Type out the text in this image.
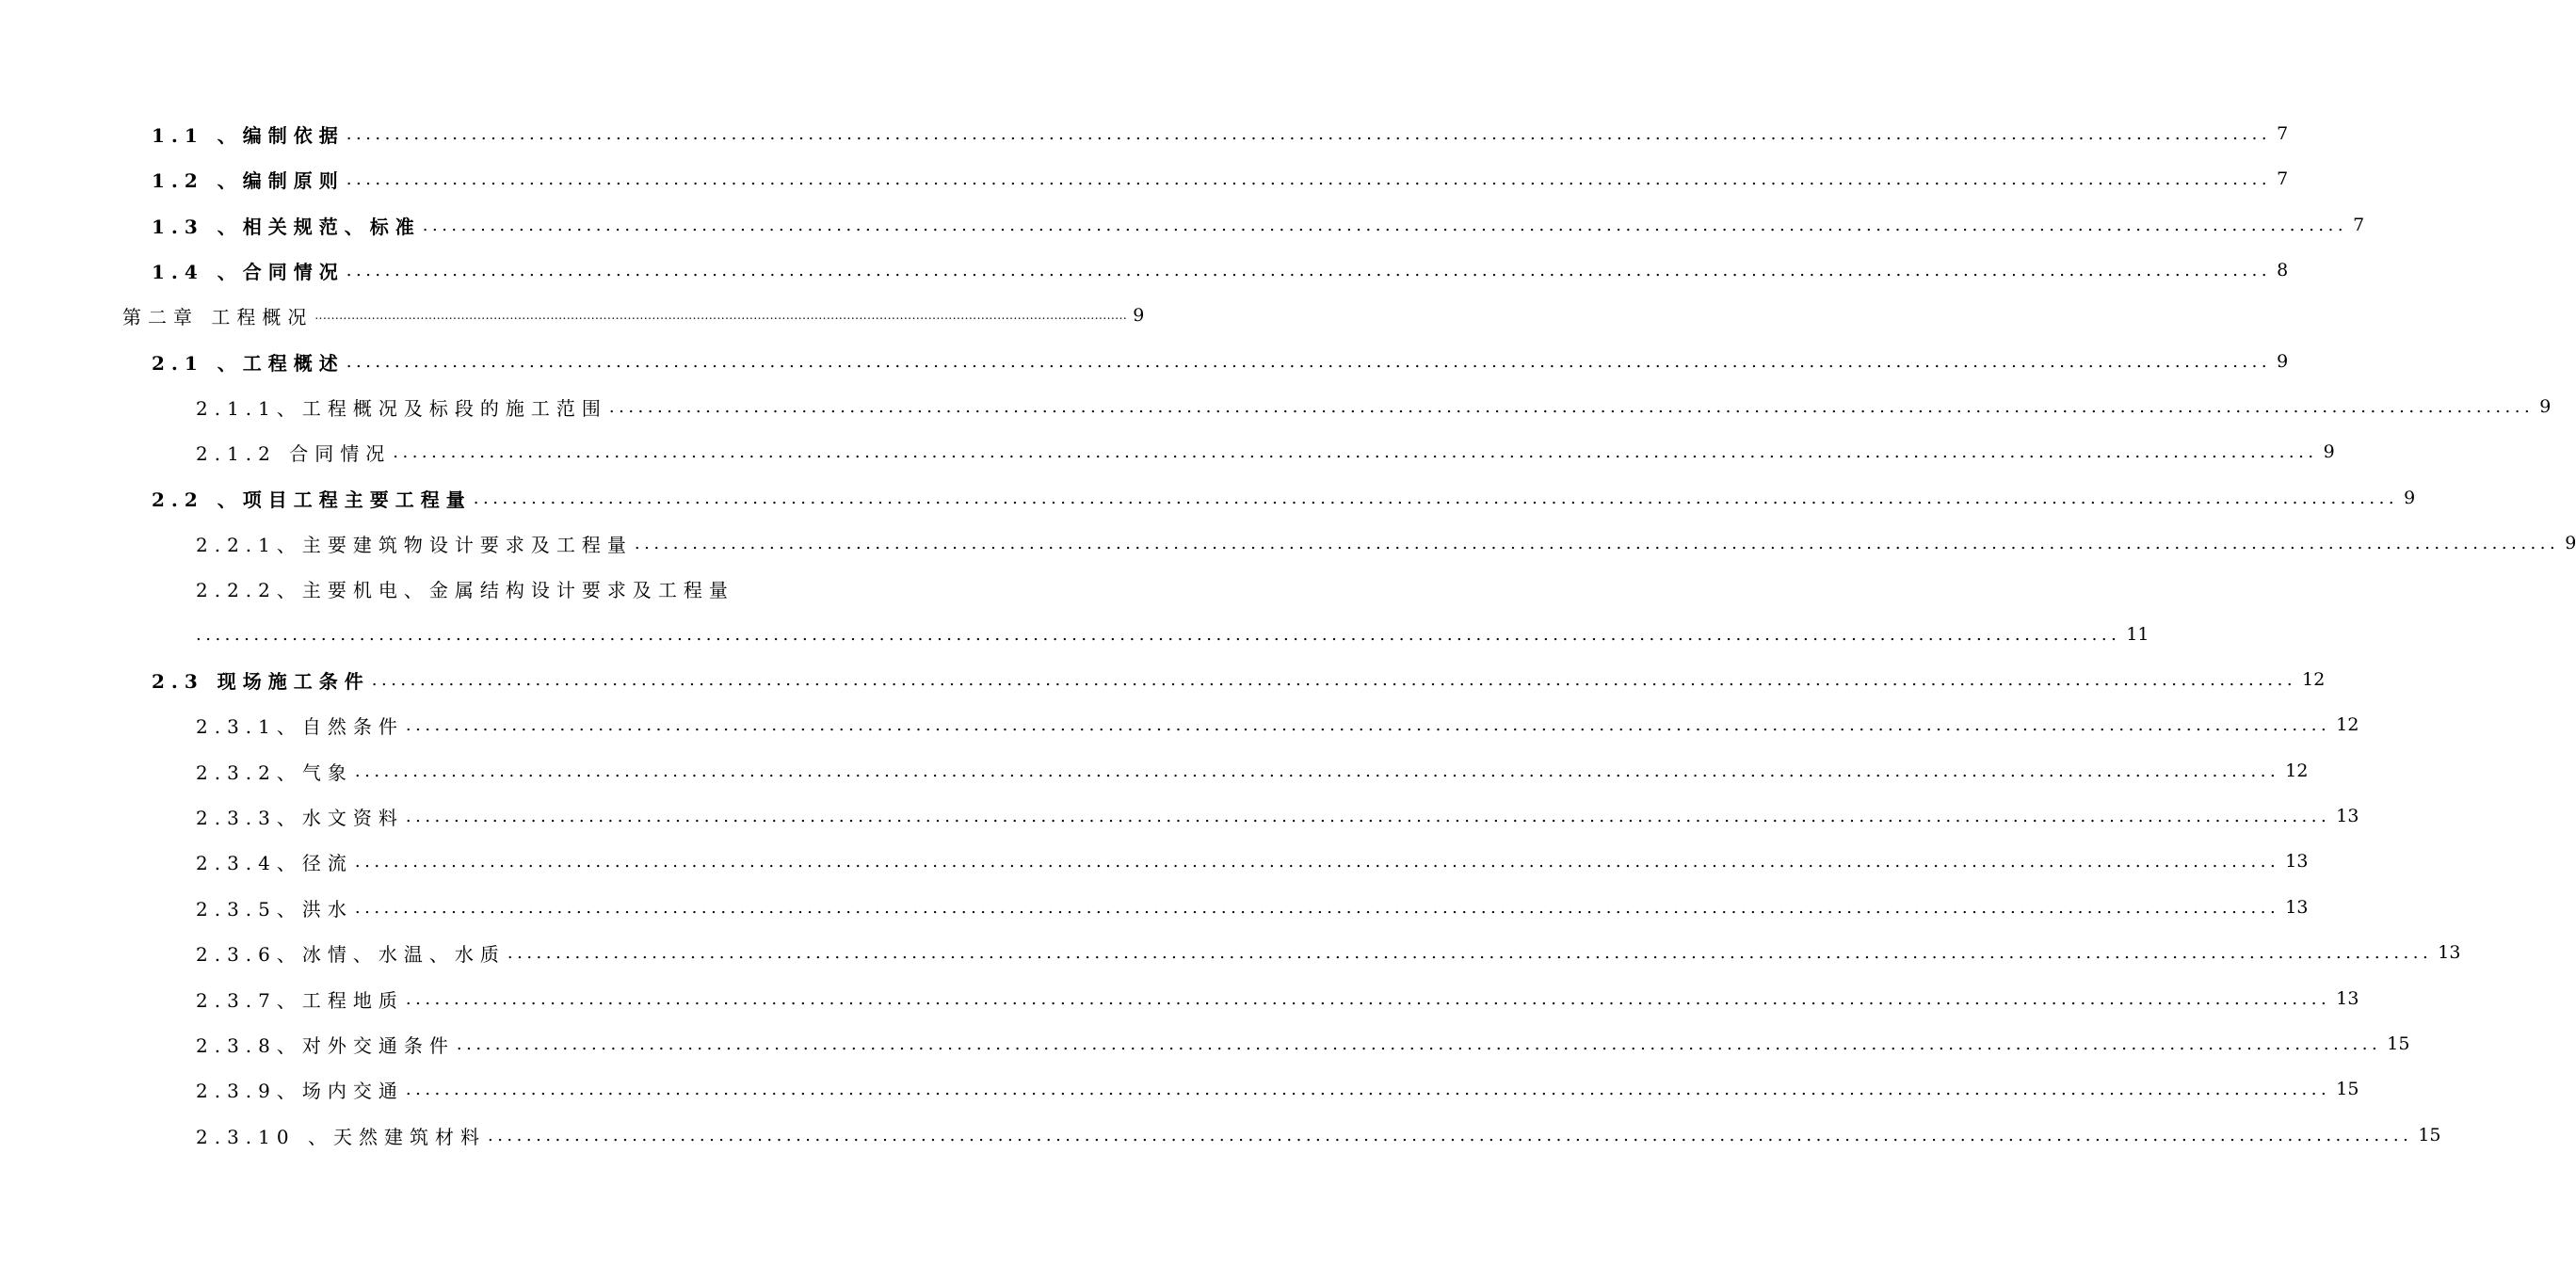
1.1 、编制依据 ........................................................................................................................................................................................................ 7
1.2 、编制原则 ........................................................................................................................................................................................................ 7
1.3 、相关规范、标准 ........................................................................................................................................................................................................ 7
1.4 、合同情况 ........................................................................................................................................................................................................ 8
第二章 工程概况 ........................................................................................................................................................................................................ 9
2.1 、工程概述 ........................................................................................................................................................................................................ 9
2.1.1、工程概况及标段的施工范围 ........................................................................................................................................................................................................ 9
2.1.2 合同情况 ........................................................................................................................................................................................................ 9
2.2 、项目工程主要工程量 ........................................................................................................................................................................................................ 9
2.2.1、主要建筑物设计要求及工程量 ........................................................................................................................................................................................................ 9
2.2.2、主要机电、金属结构设计要求及工程量
........................................................................................................................................................................................................ 11
2.3 现场施工条件 ........................................................................................................................................................................................................ 12
2.3.1、自然条件 ........................................................................................................................................................................................................ 12
2.3.2、气象 ........................................................................................................................................................................................................ 12
2.3.3、水文资料 ........................................................................................................................................................................................................ 13
2.3.4、径流 ........................................................................................................................................................................................................ 13
2.3.5、洪水 ........................................................................................................................................................................................................ 13
2.3.6、冰情、水温、水质 ........................................................................................................................................................................................................ 13
2.3.7、工程地质 ........................................................................................................................................................................................................ 13
2.3.8、对外交通条件 ........................................................................................................................................................................................................ 15
2.3.9、场内交通 ........................................................................................................................................................................................................ 15
2.3.10 、天然建筑材料 ........................................................................................................................................................................................................ 15
